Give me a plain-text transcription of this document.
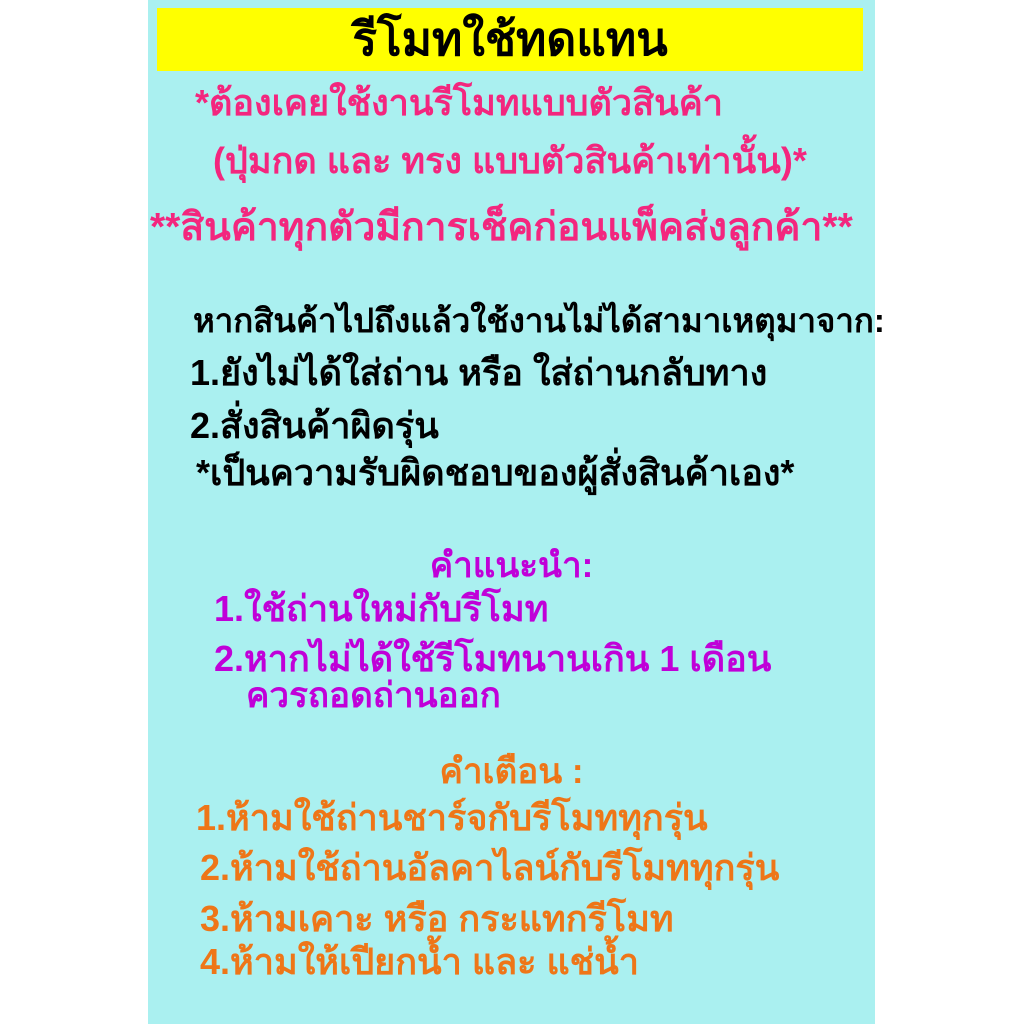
รีโมทใช้ทดแทน
*ต้องเคยใช้งานรีโมทแบบตัวสินค้า
(ปุ่มกด และ ทรง แบบตัวสินค้าเท่านั้น)*
**สินค้าทุกตัวมีการเช็คก่อนแพ็คส่งลูกค้า**
หากสินค้าไปถึงแล้วใช้งานไม่ได้สามาเหตุมาจาก:
1.ยังไม่ได้ใส่ถ่าน หรือ ใส่ถ่านกลับทาง
2.สั่งสินค้าผิดรุ่น
*เป็นความรับผิดชอบของผู้สั่งสินค้าเอง*
คำแนะนำ:
1.ใช้ถ่านใหม่กับรีโมท
2.หากไม่ได้ใช้รีโมทนานเกิน 1 เดือน
ควรถอดถ่านออก
คำเตือน :
1.ห้ามใช้ถ่านชาร์จกับรีโมททุกรุ่น
2.ห้ามใช้ถ่านอัลคาไลน์กับรีโมททุกรุ่น
3.ห้ามเคาะ หรือ กระแทกรีโมท
4.ห้ามให้เปียกน้ำ และ แช่น้ำ
